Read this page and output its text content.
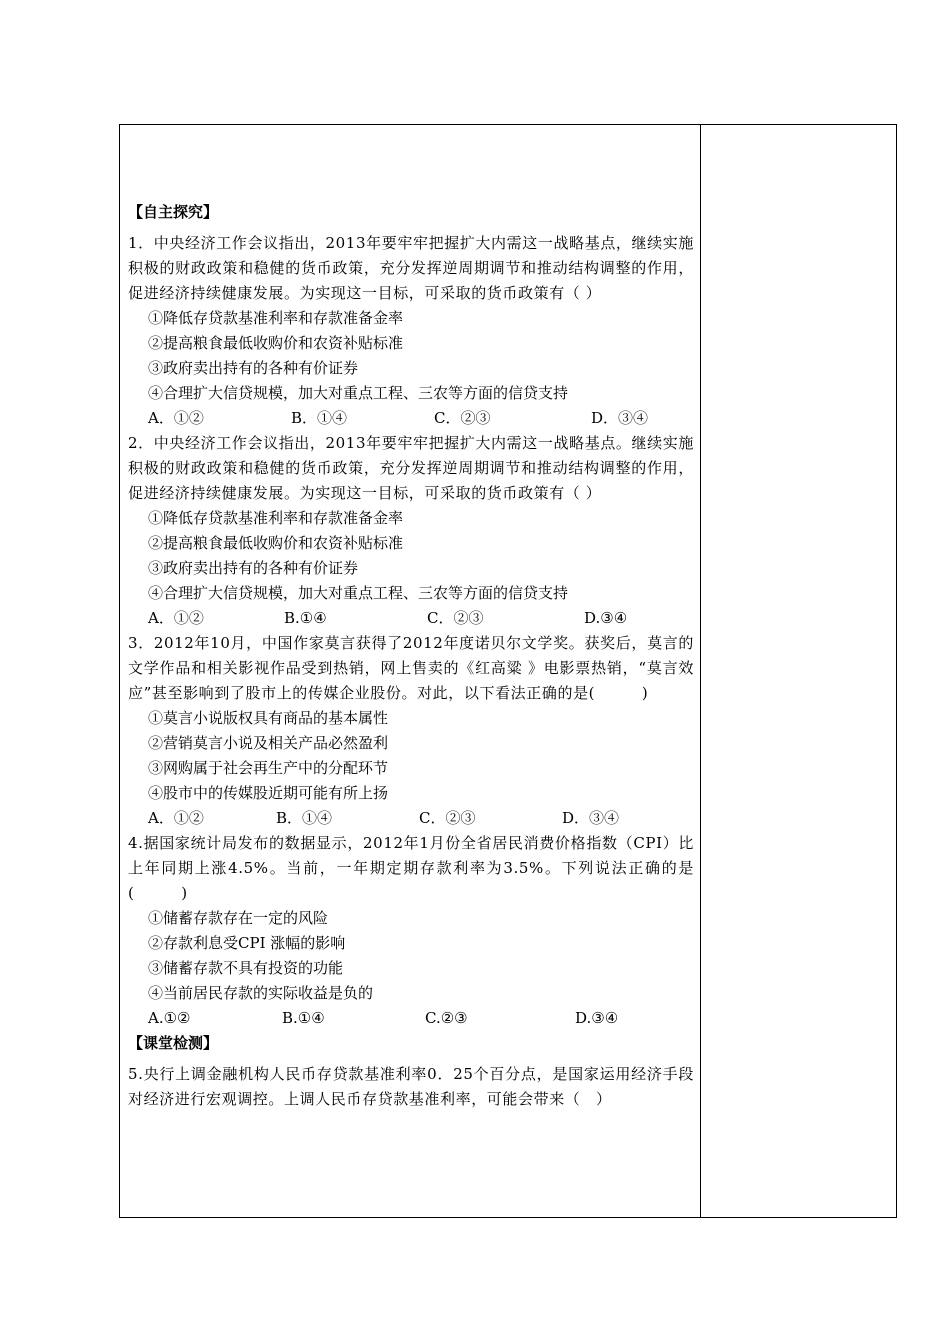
【自主探究】
1．中央经济工作会议指出，2013年要牢牢把握扩大内需这一战略基点，继续实施积极的财政政策和稳健的货币政策，充分发挥逆周期调节和推动结构调整的作用，促进经济持续健康发展。为实现这一目标，可采取的货币政策有（ ）
①降低存贷款基准利率和存款准备金率
②提高粮食最低收购价和农资补贴标准
③政府卖出持有的各种有价证券
④合理扩大信贷规模，加大对重点工程、三农等方面的信贷支持
A．①②	B．①④	C．②③	D．③④
2．中央经济工作会议指出，2013年要牢牢把握扩大内需这一战略基点。继续实施积极的财政政策和稳健的货币政策，充分发挥逆周期调节和推动结构调整的作用，促进经济持续健康发展。为实现这一目标，可采取的货币政策有（ ）
①降低存贷款基准利率和存款准备金率
②提高粮食最低收购价和农资补贴标准
③政府卖出持有的各种有价证券
④合理扩大信贷规模，加大对重点工程、三农等方面的信贷支持
A．①②	B.①④	C．②③	D.③④
3．2012年10月，中国作家莫言获得了2012年度诺贝尔文学奖。获奖后，莫言的文学作品和相关影视作品受到热销，网上售卖的《红高粱 》电影票热销，“莫言效应”甚至影响到了股市上的传媒企业股份。对此，以下看法正确的是(　　　)
①莫言小说版权具有商品的基本属性
②营销莫言小说及相关产品必然盈利
③网购属于社会再生产中的分配环节
④股市中的传媒股近期可能有所上扬
A．①②	B．①④	C．②③	D．③④
4.据国家统计局发布的数据显示，2012年1月份全省居民消费价格指数（CPI）比上年同期上涨4.5%。当前，一年期定期存款利率为3.5%。下列说法正确的是(　　　)
①储蓄存款存在一定的风险
②存款利息受CPI 涨幅的影响
③储蓄存款不具有投资的功能
④当前居民存款的实际收益是负的
A.①②	B.①④	C.②③	D.③④
【课堂检测】
5.央行上调金融机构人民币存贷款基准利率0．25个百分点，是国家运用经济手段对经济进行宏观调控。上调人民币存贷款基准利率，可能会带来（　）
